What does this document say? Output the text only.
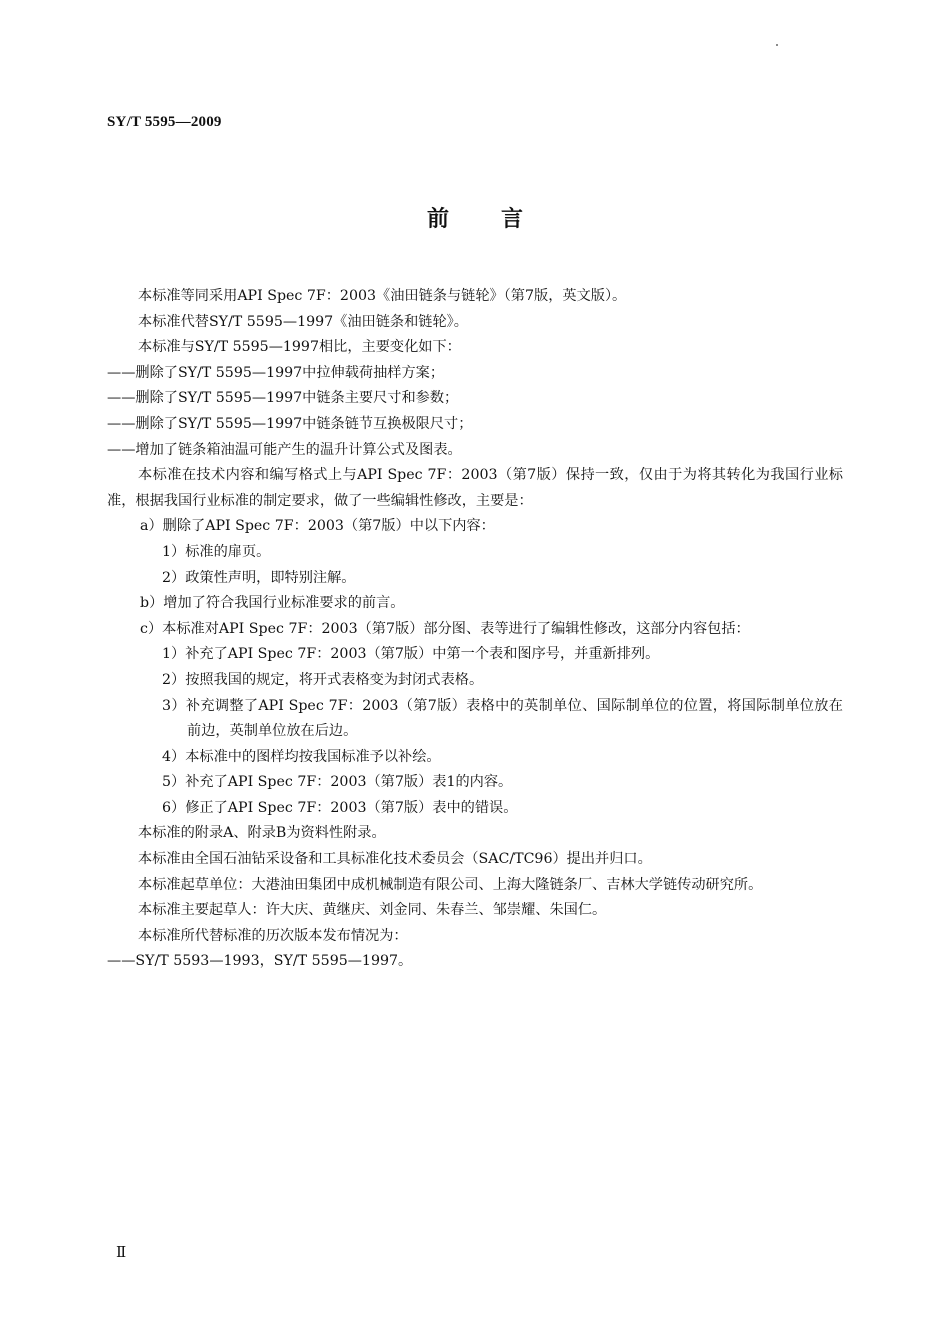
SY/T 5595—2009
前言

本标准等同采用API Spec 7F：2003《油田链条与链轮》（第7版，英文版）。

本标准代替SY/T 5595—1997《油田链条和链轮》。

本标准与SY/T 5595—1997相比，主要变化如下：

——删除了SY/T 5595—1997中拉伸载荷抽样方案；

——删除了SY/T 5595—1997中链条主要尺寸和参数；

——删除了SY/T 5595—1997中链条链节互换极限尺寸；

——增加了链条箱油温可能产生的温升计算公式及图表。

本标准在技术内容和编写格式上与API Spec 7F：2003（第7版）保持一致，仅由于为将其转化为我国行业标准，根据我国行业标准的制定要求，做了一些编辑性修改，主要是：

a）删除了API Spec 7F：2003（第7版）中以下内容：

1）标准的扉页。

2）政策性声明，即特别注解。

b）增加了符合我国行业标准要求的前言。

c）本标准对API Spec 7F：2003（第7版）部分图、表等进行了编辑性修改，这部分内容包括：

1）补充了API Spec 7F：2003（第7版）中第一个表和图序号，并重新排列。

2）按照我国的规定，将开式表格变为封闭式表格。

3）补充调整了API Spec 7F：2003（第7版）表格中的英制单位、国际制单位的位置，将国际制单位放在前边，英制单位放在后边。

4）本标准中的图样均按我国标准予以补绘。

5）补充了API Spec 7F：2003（第7版）表1的内容。

6）修正了API Spec 7F：2003（第7版）表中的错误。

本标准的附录A、附录B为资料性附录。

本标准由全国石油钻采设备和工具标准化技术委员会（SAC/TC96）提出并归口。

本标准起草单位：大港油田集团中成机械制造有限公司、上海大隆链条厂、吉林大学链传动研究所。

本标准主要起草人：许大庆、黄继庆、刘金同、朱春兰、邹崇耀、朱国仁。

本标准所代替标准的历次版本发布情况为：

——SY/T 5593—1993，SY/T 5595—1997。

Ⅱ
